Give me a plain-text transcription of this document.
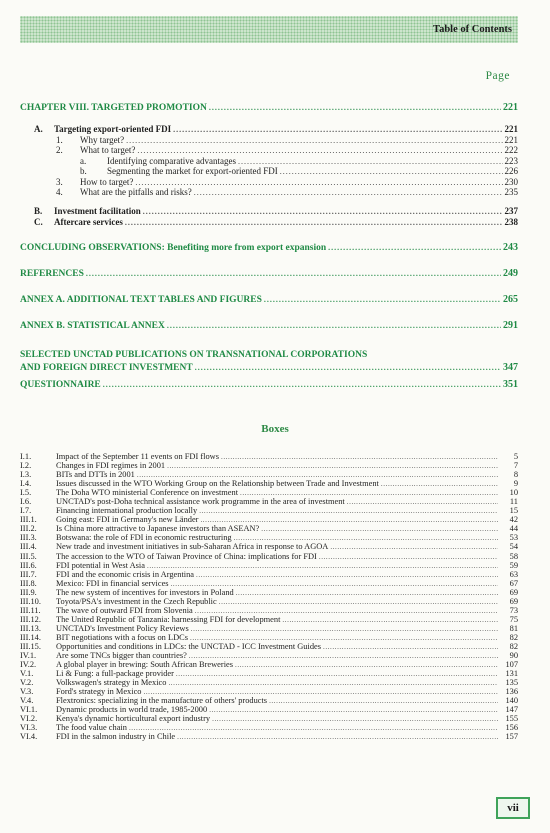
Table of Contents
Page
CHAPTER VIII. TARGETED PROMOTION .....	221
A.	Targeting export-oriented FDI .....	221
1.	Why target? .....	221
2.	What to target? .....	222
a.	Identifying comparative advantages .....	223
b.	Segmenting the market for export-oriented FDI .....	226
3.	How to target? .....	230
4.	What are the pitfalls and risks? .....	235
B.	Investment facilitation .....	237
C.	Aftercare services .....	238
CONCLUDING OBSERVATIONS: Benefiting more from export expansion .....	243
REFERENCES .....	249
ANNEX A. ADDITIONAL TEXT TABLES AND FIGURES .....	265
ANNEX B. STATISTICAL ANNEX .....	291
SELECTED UNCTAD PUBLICATIONS ON TRANSNATIONAL CORPORATIONS
AND FOREIGN DIRECT INVESTMENT .....	347
QUESTIONNAIRE .....	351
Boxes
I.1.	Impact of the September 11 events on FDI flows .....	5
I.2.	Changes in FDI regimes in 2001 .....	7
I.3.	BITs and DTTs in 2001 .....	8
I.4.	Issues discussed in the WTO Working Group on the Relationship between Trade and Investment .....	9
I.5.	The Doha WTO ministerial Conference on investment .....	10
I.6.	UNCTAD's post-Doha technical assistance work programme in the area of investment .....	11
I.7.	Financing international production locally .....	15
III.1.	Going east: FDI in Germany's new Länder .....	42
III.2.	Is China more attractive to Japanese investors than ASEAN? .....	44
III.3.	Botswana: the role of FDI in economic restructuring .....	53
III.4.	New trade and investment initiatives in sub-Saharan Africa in response to AGOA .....	54
III.5.	The accession to the WTO of Taiwan Province of China: implications for FDI .....	58
III.6.	FDI potential in West Asia .....	59
III.7.	FDI and the economic crisis in Argentina .....	63
III.8.	Mexico: FDI in financial services .....	67
III.9.	The new system of incentives for investors in Poland .....	69
III.10.	Toyota/PSA's investment in the Czech Republic .....	69
III.11.	The wave of outward FDI from Slovenia .....	73
III.12.	The United Republic of Tanzania: harnessing FDI for development .....	75
III.13.	UNCTAD's Investment Policy Reviews .....	81
III.14.	BIT negotiations with a focus on LDCs .....	82
III.15.	Opportunities and conditions in LDCs: the UNCTAD - ICC Investment Guides .....	82
IV.1.	Are some TNCs bigger than countries? .....	90
IV.2.	A global player in brewing: South African Breweries .....	107
V.1.	Li & Fung: a full-package provider .....	131
V.2.	Volkswagen's strategy in Mexico .....	135
V.3.	Ford's strategy in Mexico .....	136
V.4.	Flextronics: specializing in the manufacture of others' products .....	140
VI.1.	Dynamic products in world trade, 1985-2000 .....	147
VI.2.	Kenya's dynamic horticultural export industry .....	155
VI.3.	The food value chain .....	156
VI.4.	FDI in the salmon industry in Chile .....	157
vii
